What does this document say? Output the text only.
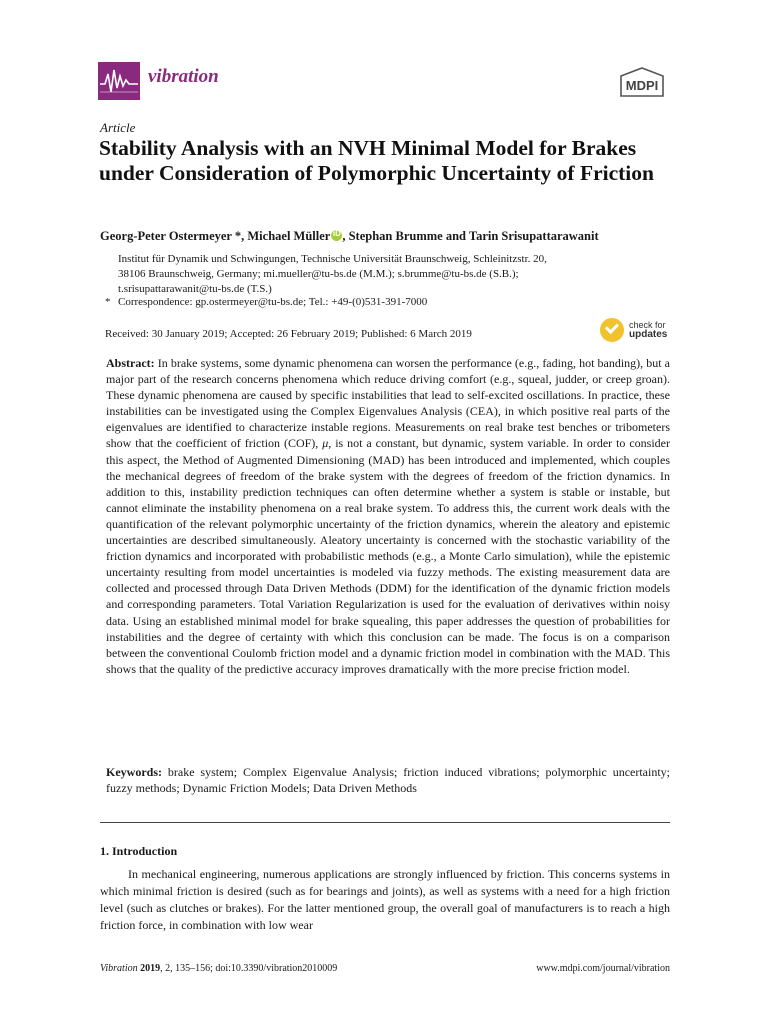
vibration	MDPI
Article
Stability Analysis with an NVH Minimal Model for Brakes under Consideration of Polymorphic Uncertainty of Friction
Georg-Peter Ostermeyer *, Michael Müller iD , Stephan Brumme and Tarin Srisupattarawanit
Institut für Dynamik und Schwingungen, Technische Universität Braunschweig, Schleinitzstr. 20,
38106 Braunschweig, Germany; mi.mueller@tu-bs.de (M.M.); s.brumme@tu-bs.de (S.B.);
t.srisupattarawanit@tu-bs.de (T.S.)
* Correspondence: gp.ostermeyer@tu-bs.de; Tel.: +49-(0)531-391-7000
Received: 30 January 2019; Accepted: 26 February 2019; Published: 6 March 2019
check for
updates
Abstract: In brake systems, some dynamic phenomena can worsen the performance (e.g., fading, hot banding), but a major part of the research concerns phenomena which reduce driving comfort (e.g., squeal, judder, or creep groan). These dynamic phenomena are caused by specific instabilities that lead to self-excited oscillations. In practice, these instabilities can be investigated using the Complex Eigenvalues Analysis (CEA), in which positive real parts of the eigenvalues are identified to characterize instable regions. Measurements on real brake test benches or tribometers show that the coefficient of friction (COF), μ, is not a constant, but dynamic, system variable. In order to consider this aspect, the Method of Augmented Dimensioning (MAD) has been introduced and implemented, which couples the mechanical degrees of freedom of the brake system with the degrees of freedom of the friction dynamics. In addition to this, instability prediction techniques can often determine whether a system is stable or instable, but cannot eliminate the instability phenomena on a real brake system. To address this, the current work deals with the quantification of the relevant polymorphic uncertainty of the friction dynamics, wherein the aleatory and epistemic uncertainties are described simultaneously. Aleatory uncertainty is concerned with the stochastic variability of the friction dynamics and incorporated with probabilistic methods (e.g., a Monte Carlo simulation), while the epistemic uncertainty resulting from model uncertainties is modeled via fuzzy methods. The existing measurement data are collected and processed through Data Driven Methods (DDM) for the identification of the dynamic friction models and corresponding parameters. Total Variation Regularization is used for the evaluation of derivatives within noisy data. Using an established minimal model for brake squealing, this paper addresses the question of probabilities for instabilities and the degree of certainty with which this conclusion can be made. The focus is on a comparison between the conventional Coulomb friction model and a dynamic friction model in combination with the MAD. This shows that the quality of the predictive accuracy improves dramatically with the more precise friction model.
Keywords: brake system; Complex Eigenvalue Analysis; friction induced vibrations; polymorphic uncertainty; fuzzy methods; Dynamic Friction Models; Data Driven Methods
1. Introduction
In mechanical engineering, numerous applications are strongly influenced by friction. This concerns systems in which minimal friction is desired (such as for bearings and joints), as well as systems with a need for a high friction level (such as clutches or brakes). For the latter mentioned group, the overall goal of manufacturers is to reach a high friction force, in combination with low wear
Vibration 2019, 2, 135–156; doi:10.3390/vibration2010009	www.mdpi.com/journal/vibration
